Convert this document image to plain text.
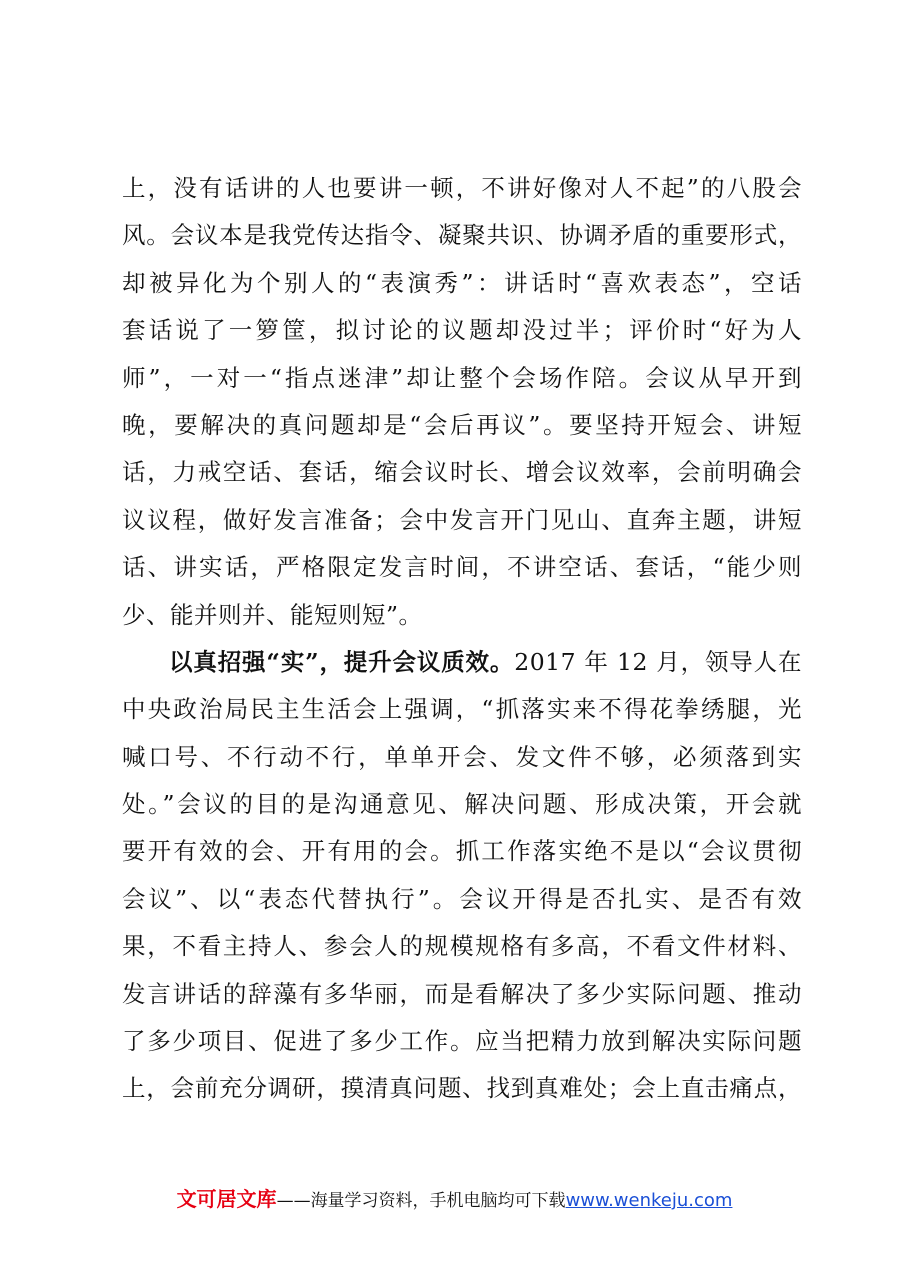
上，没有话讲的人也要讲一顿，不讲好像对人不起”的八股会
风。会议本是我党传达指令、凝聚共识、协调矛盾的重要形式，
却被异化为个别人的“表演秀”：讲话时“喜欢表态”，空话
套话说了一箩筐，拟讨论的议题却没过半；评价时“好为人
师”，一对一“指点迷津”却让整个会场作陪。会议从早开到
晚，要解决的真问题却是“会后再议”。要坚持开短会、讲短
话，力戒空话、套话，缩会议时长、增会议效率，会前明确会
议议程，做好发言准备；会中发言开门见山、直奔主题，讲短
话、讲实话，严格限定发言时间，不讲空话、套话，“能少则
少、能并则并、能短则短”。
以真招强“实”，提升会议质效。2017 年 12 月，领导人在
中央政治局民主生活会上强调，“抓落实来不得花拳绣腿，光
喊口号、不行动不行，单单开会、发文件不够，必须落到实
处。”会议的目的是沟通意见、解决问题、形成决策，开会就
要开有效的会、开有用的会。抓工作落实绝不是以“会议贯彻
会议”、以“表态代替执行”。会议开得是否扎实、是否有效
果，不看主持人、参会人的规模规格有多高，不看文件材料、
发言讲话的辞藻有多华丽，而是看解决了多少实际问题、推动
了多少项目、促进了多少工作。应当把精力放到解决实际问题
上，会前充分调研，摸清真问题、找到真难处；会上直击痛点，
文可居文库——海量学习资料，手机电脑均可下载www.wenkeju.com
